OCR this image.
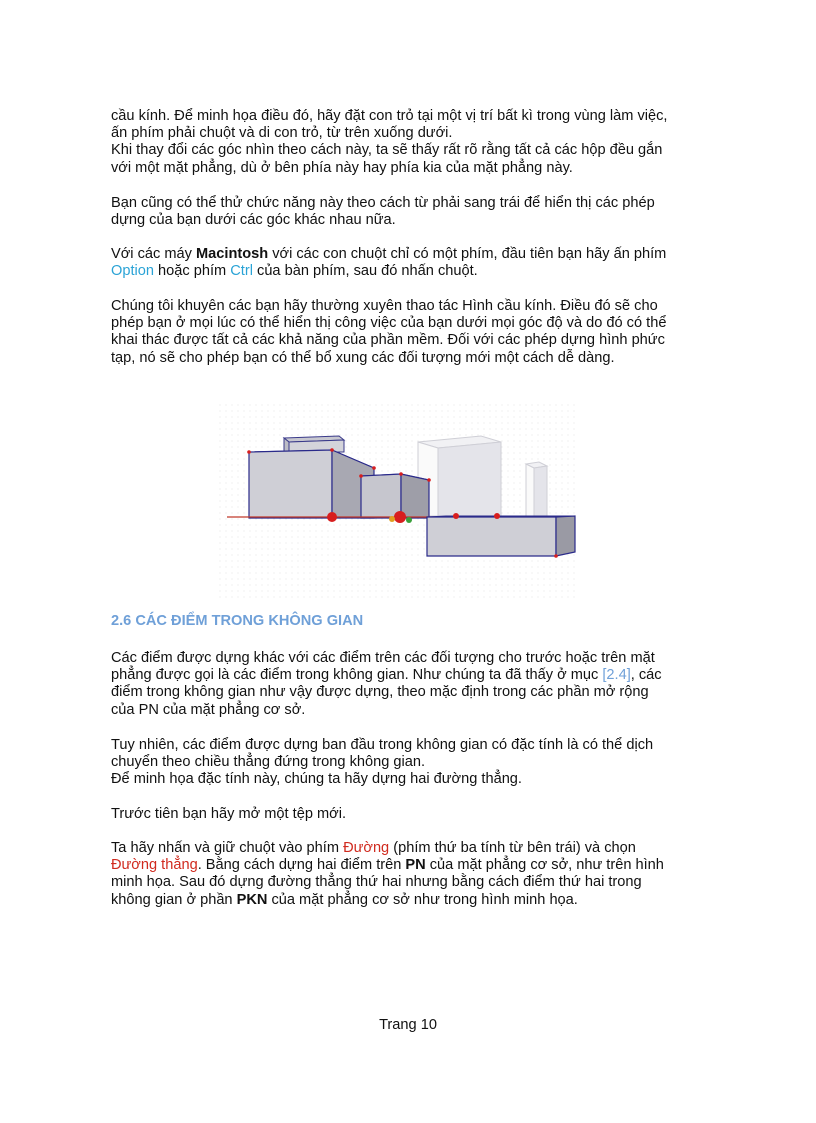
cầu kính. Để minh họa điều đó, hãy đặt con trỏ tại một vị trí bất kì trong vùng làm việc,

ấn phím phải chuột và di con trỏ, từ trên xuống dưới.

Khi thay đổi các góc nhìn theo cách này, ta sẽ thấy rất rõ rằng tất cả các hộp đều gắn

với một mặt phẳng, dù ở bên phía này hay phía kia của mặt phẳng này.

Bạn cũng có thể thử chức năng này theo cách từ phải sang trái để hiển thị các phép

dựng của bạn dưới các góc khác nhau nữa.

Với các máy Macintosh với các con chuột chỉ có một phím, đầu tiên bạn hãy ấn phím

Option hoặc phím Ctrl của bàn phím, sau đó nhấn chuột.

Chúng tôi khuyên các bạn hãy thường xuyên thao tác Hình cầu kính. Điều đó sẽ cho

phép bạn ở mọi lúc có thể hiển thị công việc của bạn dưới mọi góc độ và do đó có thể

khai thác được tất cả các khả năng của phần mềm. Đối với các phép dựng hình phức

tạp, nó sẽ cho phép bạn có thể bổ xung các đối tượng mới một cách dễ dàng.

2.6 CÁC ĐIỂM TRONG KHÔNG GIAN

Các điểm được dựng khác với các điểm trên các đối tượng cho trước hoặc trên mặt

phẳng được gọi là các điểm trong không gian. Như chúng ta đã thấy ở mục [2.4], các

điểm trong không gian như vậy được dựng, theo mặc định trong các phần mở rộng

của PN của mặt phẳng cơ sở.

Tuy nhiên, các điểm được dựng ban đầu trong không gian có đặc tính là có thể dịch

chuyển theo chiều thẳng đứng trong không gian.

Để minh họa đặc tính này, chúng ta hãy dựng hai đường thẳng.

Trước tiên bạn hãy mở một tệp mới.

Ta hãy nhấn và giữ chuột vào phím Đường (phím thứ ba tính từ bên trái) và chọn

Đường thẳng. Bằng cách dựng hai điểm trên PN của mặt phẳng cơ sở, như trên hình

minh họa. Sau đó dựng đường thẳng thứ hai nhưng bằng cách điểm thứ hai trong

không gian ở phần PKN của mặt phẳng cơ sở như trong hình minh họa.

Trang 10
